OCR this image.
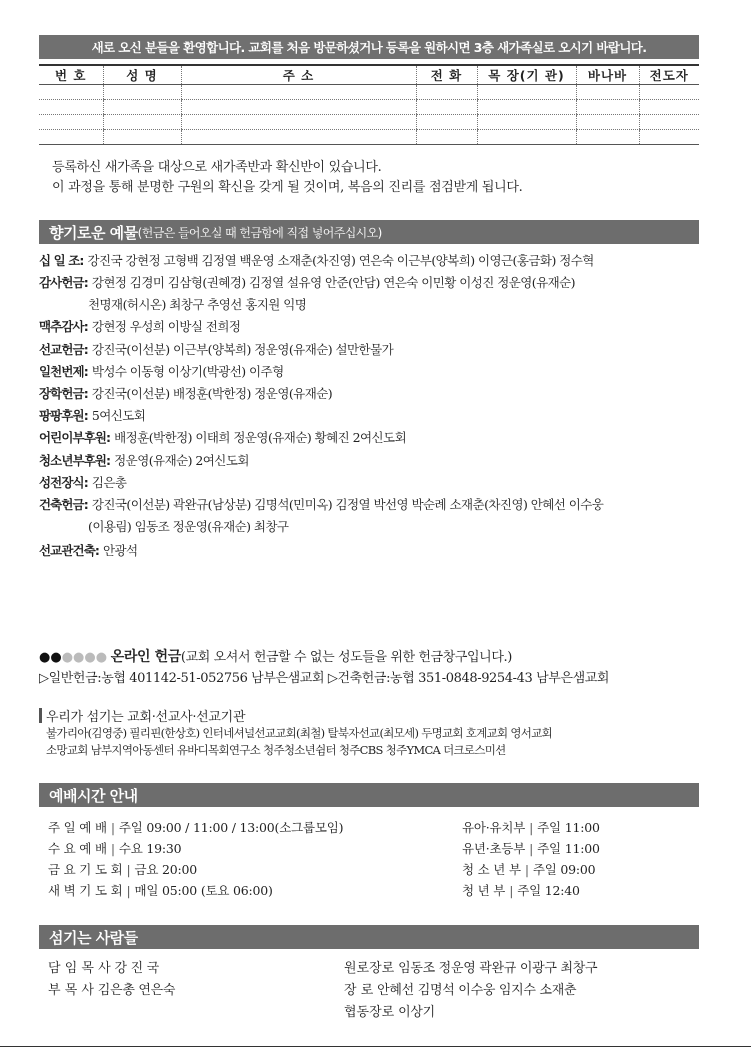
새로 오신 분들을 환영합니다. 교회를 처음 방문하셨거나 등록을 원하시면 3층 새가족실로 오시기 바랍니다.
번 호	성 명	주 소	전 화	목 장(기 관)	바나바	전도자

등록하신 새가족을 대상으로 새가족반과 확신반이 있습니다.
이 과정을 통해 분명한 구원의 확신을 갖게 될 것이며, 복음의 진리를 점검받게 됩니다.
향기로운 예물 (헌금은 들어오실 때 헌금함에 직접 넣어주십시오)
십 일 조: 강진국 강현정 고형백 김정열 백운영 소재춘(차진영) 연은숙 이근부(양복희) 이영근(홍금화) 정수혁
감사헌금: 강현정 김경미 김삼형(권혜경) 김정열 설유영 안준(안담) 연은숙 이민황 이성진 정운영(유재순)
천명재(허시온) 최창구 추영선 홍지원 익명
맥추감사: 강현정 우성희 이방실 전희정
선교헌금: 강진국(이선분) 이근부(양복희) 정운영(유재순) 설만한물가
일천번제: 박성수 이동형 이상기(박광선) 이주형
장학헌금: 강진국(이선분) 배정훈(박한정) 정운영(유재순)
팡팡후원: 5여신도회
어린이부후원: 배정훈(박한정) 이태희 정운영(유재순) 황혜진 2여신도회
청소년부후원: 정운영(유재순) 2여신도회
성전장식: 김은총
건축헌금: 강진국(이선분) 곽완규(남상분) 김명석(민미옥) 김정열 박선영 박순례 소재춘(차진영) 안혜선 이수웅
(이용림) 임동조 정운영(유재순) 최창구
선교관건축: 안광석
●●●●●● 온라인 헌금(교회 오셔서 헌금할 수 없는 성도들을 위한 헌금창구입니다.)
▷일반헌금:농협 401142-51-052756 남부은샘교회 ▷건축헌금:농협 351-0848-9254-43 남부은샘교회
우리가 섬기는 교회·선교사·선교기관
불가리아(김영중) 필리핀(한상호) 인터네셔널선교교회(최철) 탈북자선교(최모세) 두명교회 호계교회 영서교회
소망교회 남부지역아동센터 유바디목회연구소 청주청소년쉼터 청주CBS 청주YMCA 더크로스미션
예배시간 안내
주 일 예 배 | 주일 09:00 / 11:00 / 13:00(소그룹모임)
수 요 예 배 | 수요 19:30
금 요 기 도 회 | 금요 20:00
새 벽 기 도 회 | 매일 05:00 (토요 06:00)
유아·유치부 | 주일 11:00
유년·초등부 | 주일 11:00
청 소 년 부 | 주일 09:00
청 년 부 | 주일 12:40
섬기는 사람들
담 임 목 사 강 진 국
부 목 사 김은총 연은숙
원로장로 임동조 정운영 곽완규 이광구 최창구
장 로 안혜선 김명석 이수웅 임지수 소재춘
협동장로 이상기
